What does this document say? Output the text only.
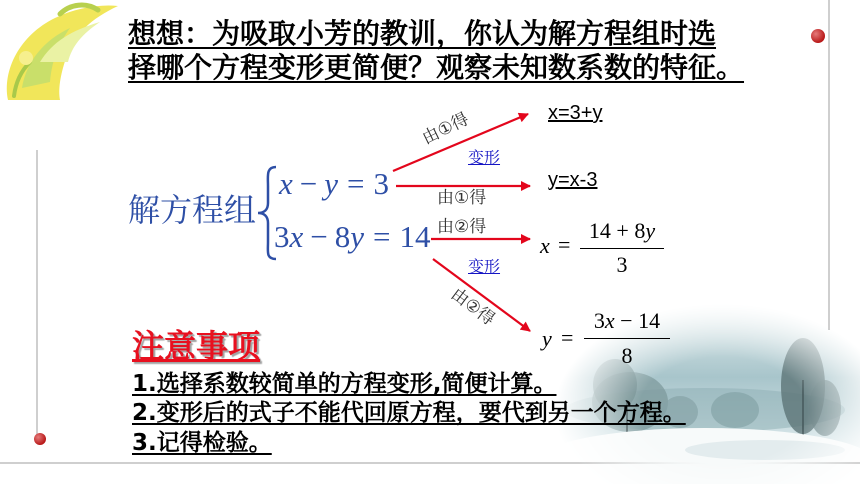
想想：为吸取小芳的教训，你认为解方程组时选
择哪个方程变形更简便？观察未知数系数的特征。
解方程组
x − y = 3
3x − 8y = 14
由①得
变形
由①得
由②得
变形
由②得
x=3+y
y=x-3
x =
14 + 8y
3
y =
3x − 14
8
注意事项
1.选择系数较简单的方程变形,简便计算。
2.变形后的式子不能代回原方程，要代到另一个方程。
3.记得检验。
